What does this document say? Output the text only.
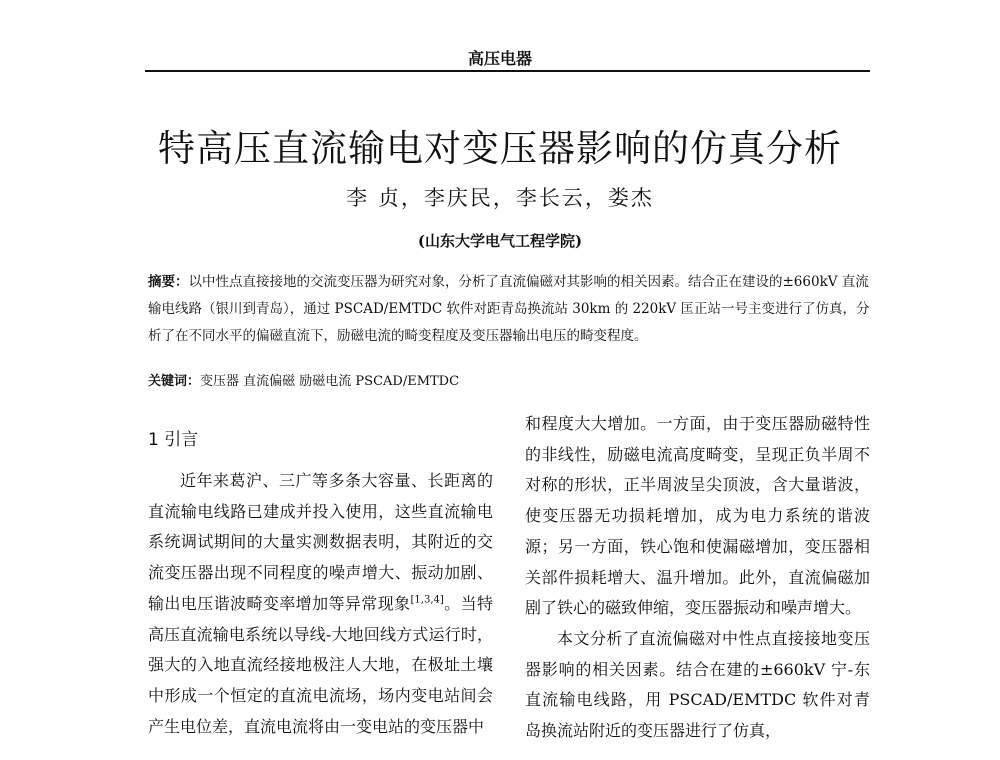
高压电器
特高压直流输电对变压器影响的仿真分析
李 贞，李庆民，李长云，娄杰
(山东大学电气工程学院)

摘要：以中性点直接接地的交流变压器为研究对象，分析了直流偏磁对其影响的相关因素。结合正在建设的±660kV 直流输电线路（银川到青岛），通过 PSCAD/EMTDC 软件对距青岛换流站 30km 的 220kV 匡正站一号主变进行了仿真，分析了在不同水平的偏磁直流下，励磁电流的畸变程度及变压器输出电压的畸变程度。

关键词：变压器 直流偏磁 励磁电流 PSCAD/EMTDC

1 引言

近年来葛沪、三广等多条大容量、长距离的直流输电线路已建成并投入使用，这些直流输电系统调试期间的大量实测数据表明，其附近的交流变压器出现不同程度的噪声增大、振动加剧、输出电压谐波畸变率增加等异常现象[1,3,4]。当特高压直流输电系统以导线-大地回线方式运行时，强大的入地直流经接地极注人大地，在极址土壤中形成一个恒定的直流电流场，场内变电站间会产生电位差，直流电流将由一变电站的变压器中

和程度大大增加。一方面，由于变压器励磁特性的非线性，励磁电流高度畸变，呈现正负半周不对称的形状，正半周波呈尖顶波，含大量谐波，使变压器无功损耗增加，成为电力系统的谐波源；另一方面，铁心饱和使漏磁增加，变压器相关部件损耗增大、温升增加。此外，直流偏磁加剧了铁心的磁致伸缩，变压器振动和噪声增大。

本文分析了直流偏磁对中性点直接接地变压器影响的相关因素。结合在建的±660kV 宁-东直流输电线路，用 PSCAD/EMTDC 软件对青岛换流站附近的变压器进行了仿真，
